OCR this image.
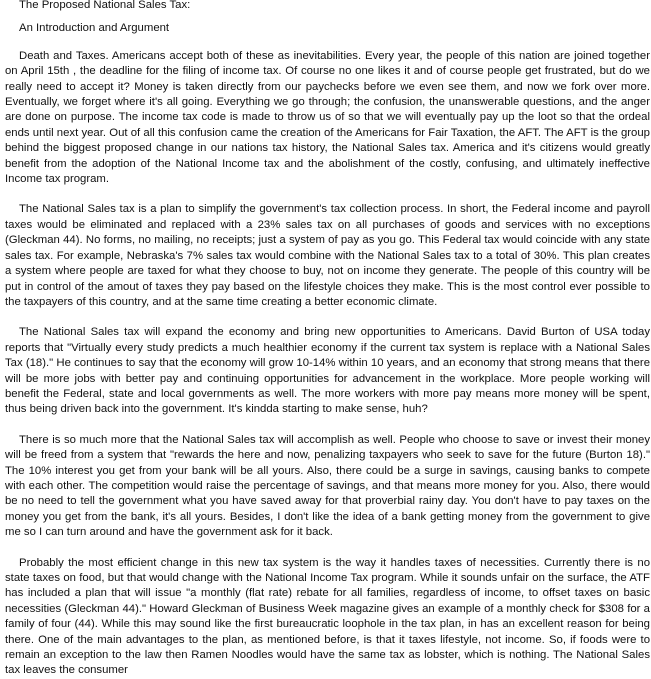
The Proposed National Sales Tax:
An Introduction and Argument

Death and Taxes. Americans accept both of these as inevitabilities. Every year, the people of this nation are joined together on April 15th , the deadline for the filing of income tax. Of course no one likes it and of course people get frustrated, but do we really need to accept it? Money is taken directly from our paychecks before we even see them, and now we fork over more. Eventually, we forget where it's all going. Everything we go through; the confusion, the unanswerable questions, and the anger are done on purpose. The income tax code is made to throw us of so that we will eventually pay up the loot so that the ordeal ends until next year. Out of all this confusion came the creation of the Americans for Fair Taxation, the AFT. The AFT is the group behind the biggest proposed change in our nations tax history, the National Sales tax. America and it's citizens would greatly benefit from the adoption of the National Income tax and the abolishment of the costly, confusing, and ultimately ineffective Income tax program.

The National Sales tax is a plan to simplify the government's tax collection process. In short, the Federal income and payroll taxes would be eliminated and replaced with a 23% sales tax on all purchases of goods and services with no exceptions (Gleckman 44). No forms, no mailing, no receipts; just a system of pay as you go. This Federal tax would coincide with any state sales tax. For example, Nebraska's 7% sales tax would combine with the National Sales tax to a total of 30%. This plan creates a system where people are taxed for what they choose to buy, not on income they generate. The people of this country will be put in control of the amout of taxes they pay based on the lifestyle choices they make. This is the most control ever possible to the taxpayers of this country, and at the same time creating a better economic climate.

The National Sales tax will expand the economy and bring new opportunities to Americans. David Burton of USA today reports that "Virtually every study predicts a much healthier economy if the current tax system is replace with a National Sales Tax (18)." He continues to say that the economy will grow 10-14% within 10 years, and an economy that strong means that there will be more jobs with better pay and continuing opportunities for advancement in the workplace. More people working will benefit the Federal, state and local governments as well. The more workers with more pay means more money will be spent, thus being driven back into the government. It's kindda starting to make sense, huh?

There is so much more that the National Sales tax will accomplish as well. People who choose to save or invest their money will be freed from a system that "rewards the here and now, penalizing taxpayers who seek to save for the future (Burton 18)." The 10% interest you get from your bank will be all yours. Also, there could be a surge in savings, causing banks to compete with each other. The competition would raise the percentage of savings, and that means more money for you. Also, there would be no need to tell the government what you have saved away for that proverbial rainy day. You don't have to pay taxes on the money you get from the bank, it's all yours. Besides, I don't like the idea of a bank getting money from the government to give me so I can turn around and have the government ask for it back.

Probably the most efficient change in this new tax system is the way it handles taxes of necessities. Currently there is no state taxes on food, but that would change with the National Income Tax program. While it sounds unfair on the surface, the ATF has included a plan that will issue "a monthly (flat rate) rebate for all families, regardless of income, to offset taxes on basic necessities (Gleckman 44)." Howard Gleckman of Business Week magazine gives an example of a monthly check for $308 for a family of four (44). While this may sound like the first bureaucratic loophole in the tax plan, in has an excellent reason for being there. One of the main advantages to the plan, as mentioned before, is that it taxes lifestyle, not income. So, if foods were to remain an exception to the law then Ramen Noodles would have the same tax as lobster, which is nothing. The National Sales tax leaves the consumer
